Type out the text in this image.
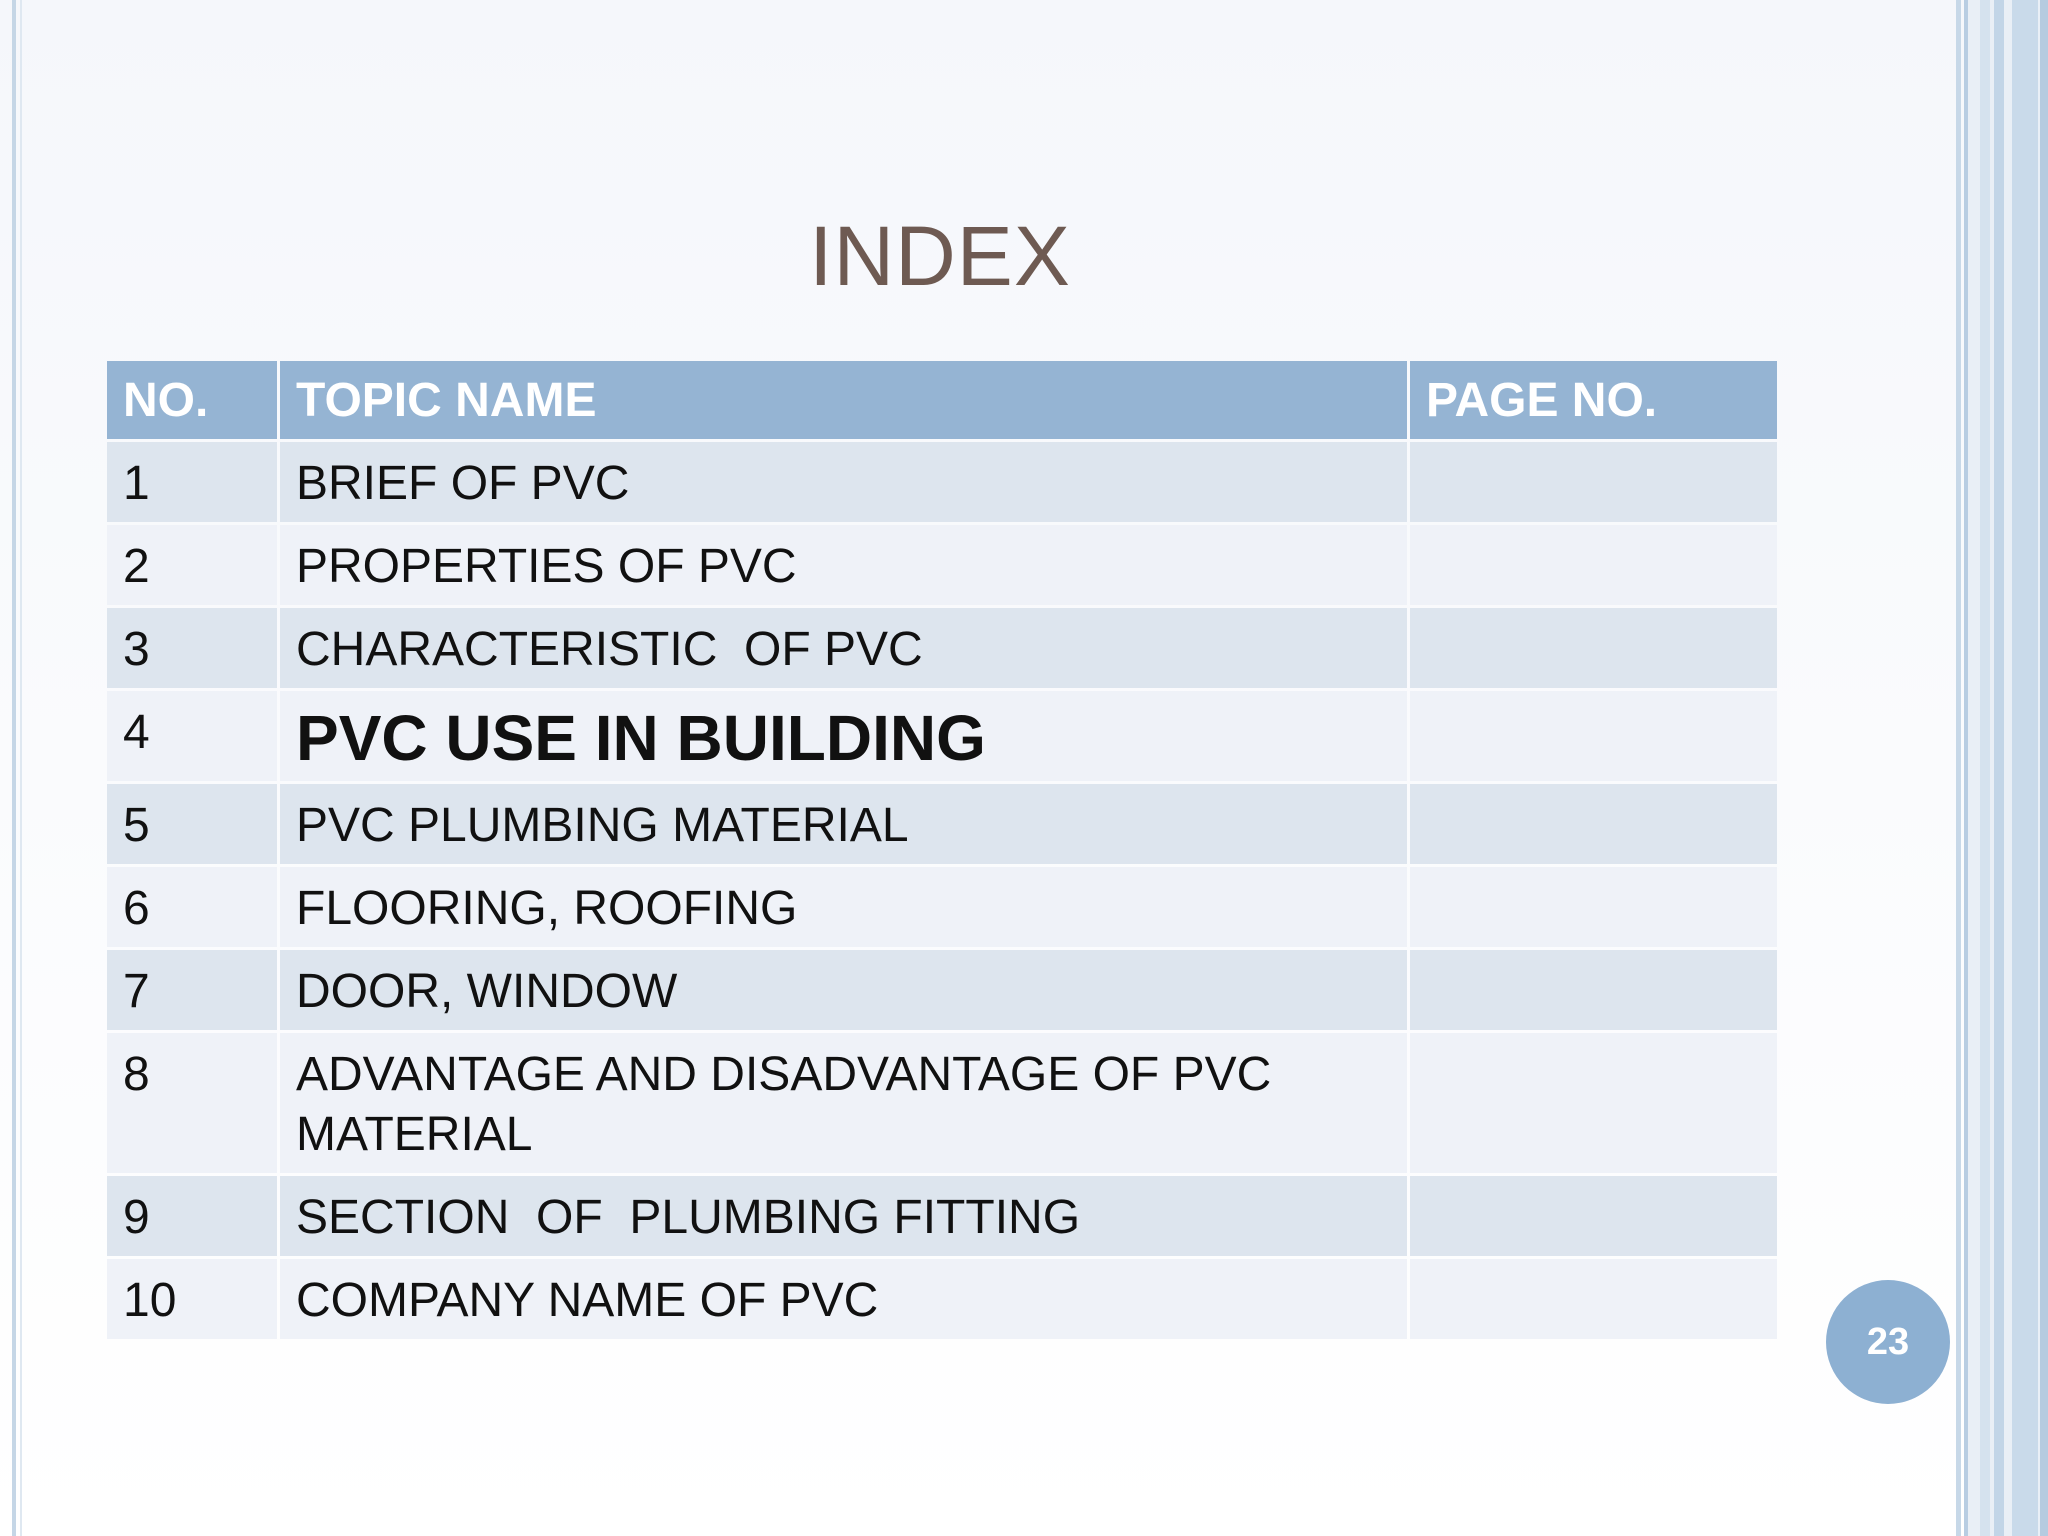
INDEX
NO.	TOPIC NAME	PAGE NO.
1	BRIEF OF PVC	
2	PROPERTIES OF PVC	
3	CHARACTERISTIC  OF PVC	
4	PVC USE IN BUILDING	
5	PVC PLUMBING MATERIAL	
6	FLOORING, ROOFING	
7	DOOR, WINDOW	
8	ADVANTAGE AND DISADVANTAGE OF PVC MATERIAL	
9	SECTION  OF  PLUMBING FITTING	
10	COMPANY NAME OF PVC	
23
